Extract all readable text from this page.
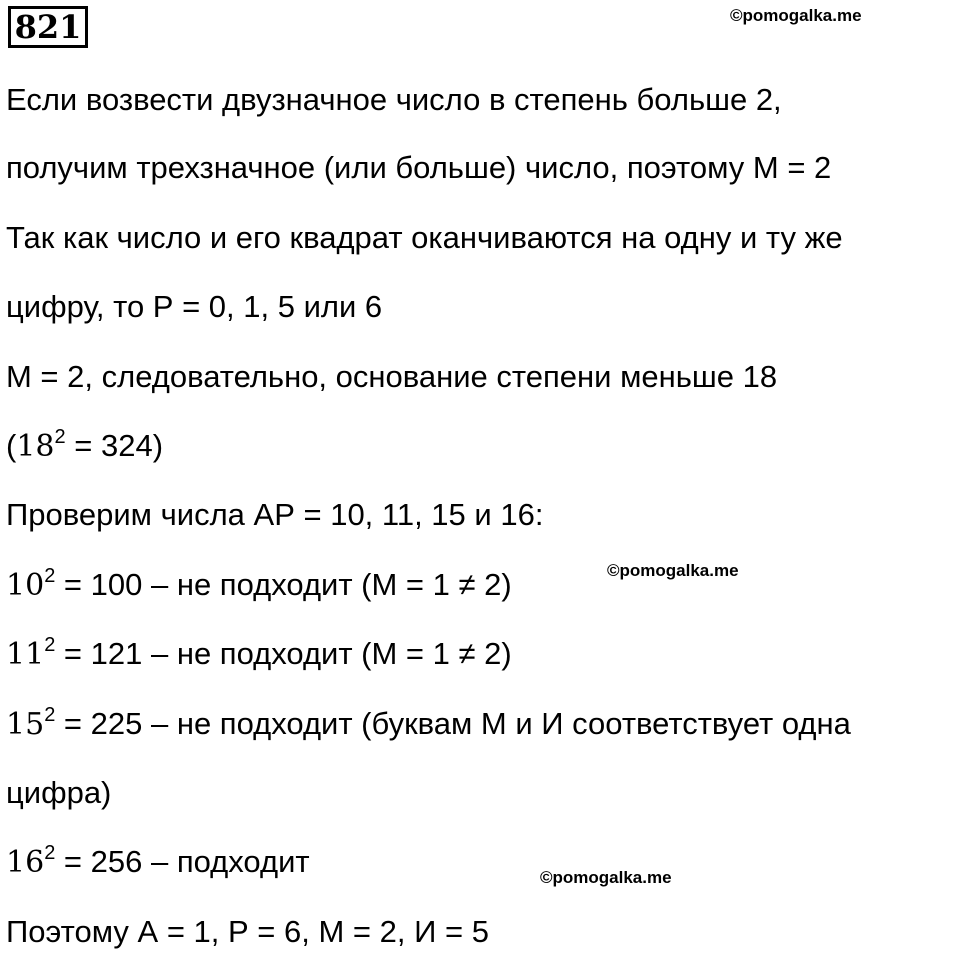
821	©pomogalka.me
©pomogalka.me
©pomogalka.me
Если возвести двузначное число в степень больше 2,
получим трехзначное (или больше) число, поэтому М = 2
Так как число и его квадрат оканчиваются на одну и ту же
цифру, то Р = 0, 1, 5 или 6
М = 2, следовательно, основание степени меньше 18
$(18^2 = 324)$
Проверим числа АР = 10, 11, 15 и 16:
$10^2 = 100$ – не подходит (М = 1 ≠ 2)
$11^2 = 121$ – не подходит (М = 1 ≠ 2)
$15^2 = 225$ – не подходит (буквам М и И соответствует одна
цифра)
$16^2 = 256$ – подходит
Поэтому А = 1, Р = 6, М = 2, И = 5
